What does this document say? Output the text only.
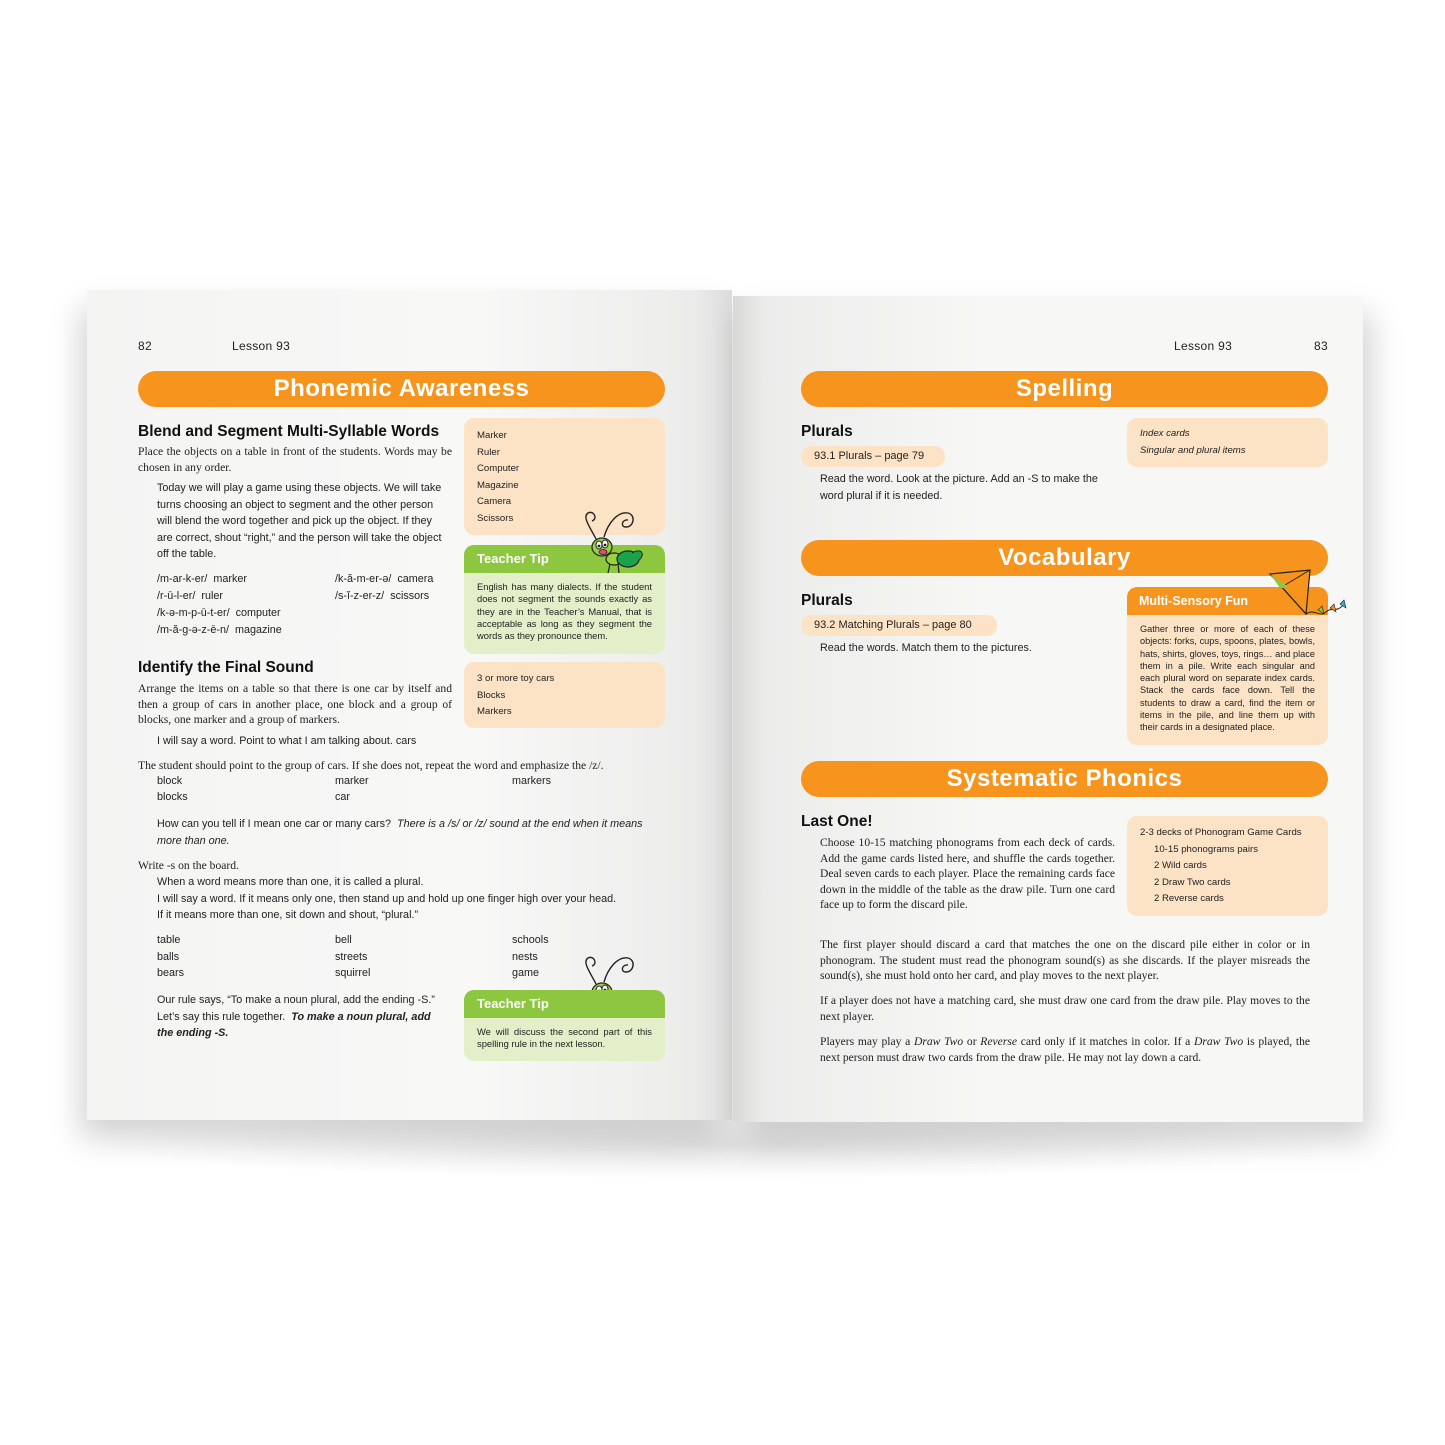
82	Lesson 93
Phonemic Awareness
Blend and Segment Multi-Syllable Words
Place the objects on a table in front of the students. Words may be chosen in any order.
Today we will play a game using these objects. We will take turns choosing an object to segment and the other person will blend the word together and pick up the object. If they are correct, shout “right,” and the person will take the object off the table.
/m-ar-k-er/ marker
/r-ū-l-er/ ruler
/k-ə-m-p-ū-t-er/ computer
/m-ă-g-ə-z-ē-n/ magazine
/k-ă-m-er-ə/ camera
/s-ĭ-z-er-z/ scissors
Marker
Ruler
Computer
Magazine
Camera
Scissors
Teacher Tip
English has many dialects. If the student does not segment the sounds exactly as they are in the Teacher’s Manual, that is acceptable as long as they segment the words as they pronounce them.
Identify the Final Sound
Arrange the items on a table so that there is one car by itself and then a group of cars in another place, one block and a group of blocks, one marker and a group of markers.
3 or more toy cars
Blocks
Markers
I will say a word. Point to what I am talking about. cars
The student should point to the group of cars. If she does not, repeat the word and emphasize the /z/.
block
blocks
marker
car
markers
How can you tell if I mean one car or many cars? There is a /s/ or /z/ sound at the end when it means more than one.
Write -s on the board.
When a word means more than one, it is called a plural.
I will say a word. If it means only one, then stand up and hold up one finger high over your head.
If it means more than one, sit down and shout, “plural.”
table
balls
bears
bell
streets
squirrel
schools
nests
game
Our rule says, “To make a noun plural, add the ending -S.” Let’s say this rule together. To make a noun plural, add the ending -S.
Teacher Tip
We will discuss the second part of this spelling rule in the next lesson.
Lesson 93	83
Spelling
Plurals
93.1 Plurals – page 79
Read the word. Look at the picture. Add an -S to make the word plural if it is needed.
Index cards
Singular and plural items
Vocabulary
Plurals
93.2 Matching Plurals – page 80
Read the words. Match them to the pictures.
Multi-Sensory Fun
Gather three or more of each of these objects: forks, cups, spoons, plates, bowls, hats, shirts, gloves, toys, rings… and place them in a pile. Write each singular and each plural word on separate index cards. Stack the cards face down. Tell the students to draw a card, find the item or items in the pile, and line them up with their cards in a designated place.
Systematic Phonics
Last One!
Choose 10-15 matching phonograms from each deck of cards. Add the game cards listed here, and shuffle the cards together. Deal seven cards to each player. Place the remaining cards face down in the middle of the table as the draw pile. Turn one card face up to form the discard pile.
2-3 decks of Phonogram Game Cards
10-15 phonograms pairs
2 Wild cards
2 Draw Two cards
2 Reverse cards
The first player should discard a card that matches the one on the discard pile either in color or in phonogram. The student must read the phonogram sound(s) as she discards. If the player misreads the sound(s), she must hold onto her card, and play moves to the next player.
If a player does not have a matching card, she must draw one card from the draw pile. Play moves to the next player.
Players may play a Draw Two or Reverse card only if it matches in color. If a Draw Two is played, the next person must draw two cards from the draw pile. He may not lay down a card.
